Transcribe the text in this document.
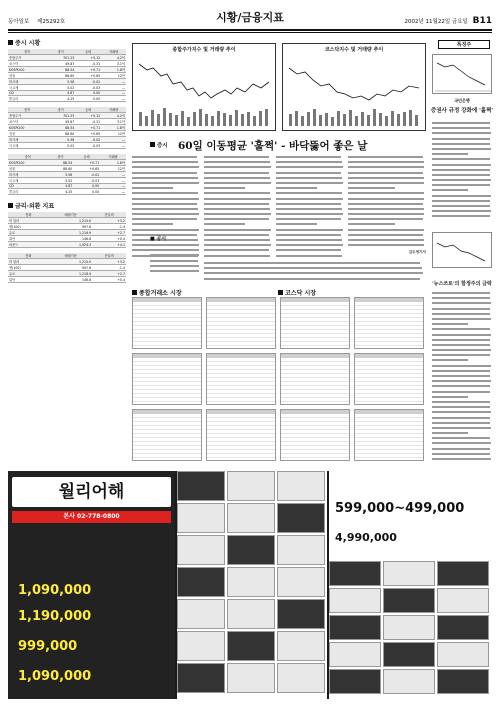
동아일보 제25292호	시황/금융지표	2002년 11월22일 금요일 B11
증시 시황
종목	종가	등락	거래량
종합주가	701.23	+5.12	4.2억
코스닥	49.87	-0.31	3.1억
KOSPI200	88.54	+0.71	1.8억
선물	88.60	+0.65	12만
회사채	5.58	-0.02	—
국고채	5.02	-0.03	—
CD	4.87	0.00	—
콜금리	4.25	0.00	—
종목	종가	등락	거래량
종합주가	701.23	+5.12	4.2억
코스닥	49.87	-0.31	3.1억
KOSPI200	88.54	+0.71	1.8억
선물	88.60	+0.65	12만
회사채	5.58	-0.02	—
국고채	5.02	-0.03	—
종목	종가	등락	거래량
KOSPI200	88.54	+0.71	1.8억
선물	88.60	+0.65	12만
회사채	5.58	-0.02	—
국고채	5.02	-0.03	—
CD	4.87	0.00	—
콜금리	4.25	0.00	—
금리·외환 지표
통화	매매기준	전일비
미 달러	1,215.0	+3.2
엔(100)	997.6	-1.4
유로	1,218.9	+2.7
위안	146.8	+0.4
파운드	1,924.3	+4.1
통화	매매기준	전일비
미 달러	1,215.0	+3.2
엔(100)	997.6	-1.4
유로	1,218.9	+2.7
위안	146.8	+0.4
종합주가지수 및 거래량 추이	코스닥지수 및 거래량 추이
증시 60일 이동평균 '훌쩍' - 바닥뚫어 좋은 날
김두영기자
■ 공시
종합거래소 시장	코스닥 시장
특징주
국민은행
증권사 규정 강화에 '훌쩍'
'뉴스쓰토'의 함정주의 금락
월리어해
본사 02-778-0800
1,090,000
1,190,000
999,000
1,090,000
599,000~499,000
4,990,000
